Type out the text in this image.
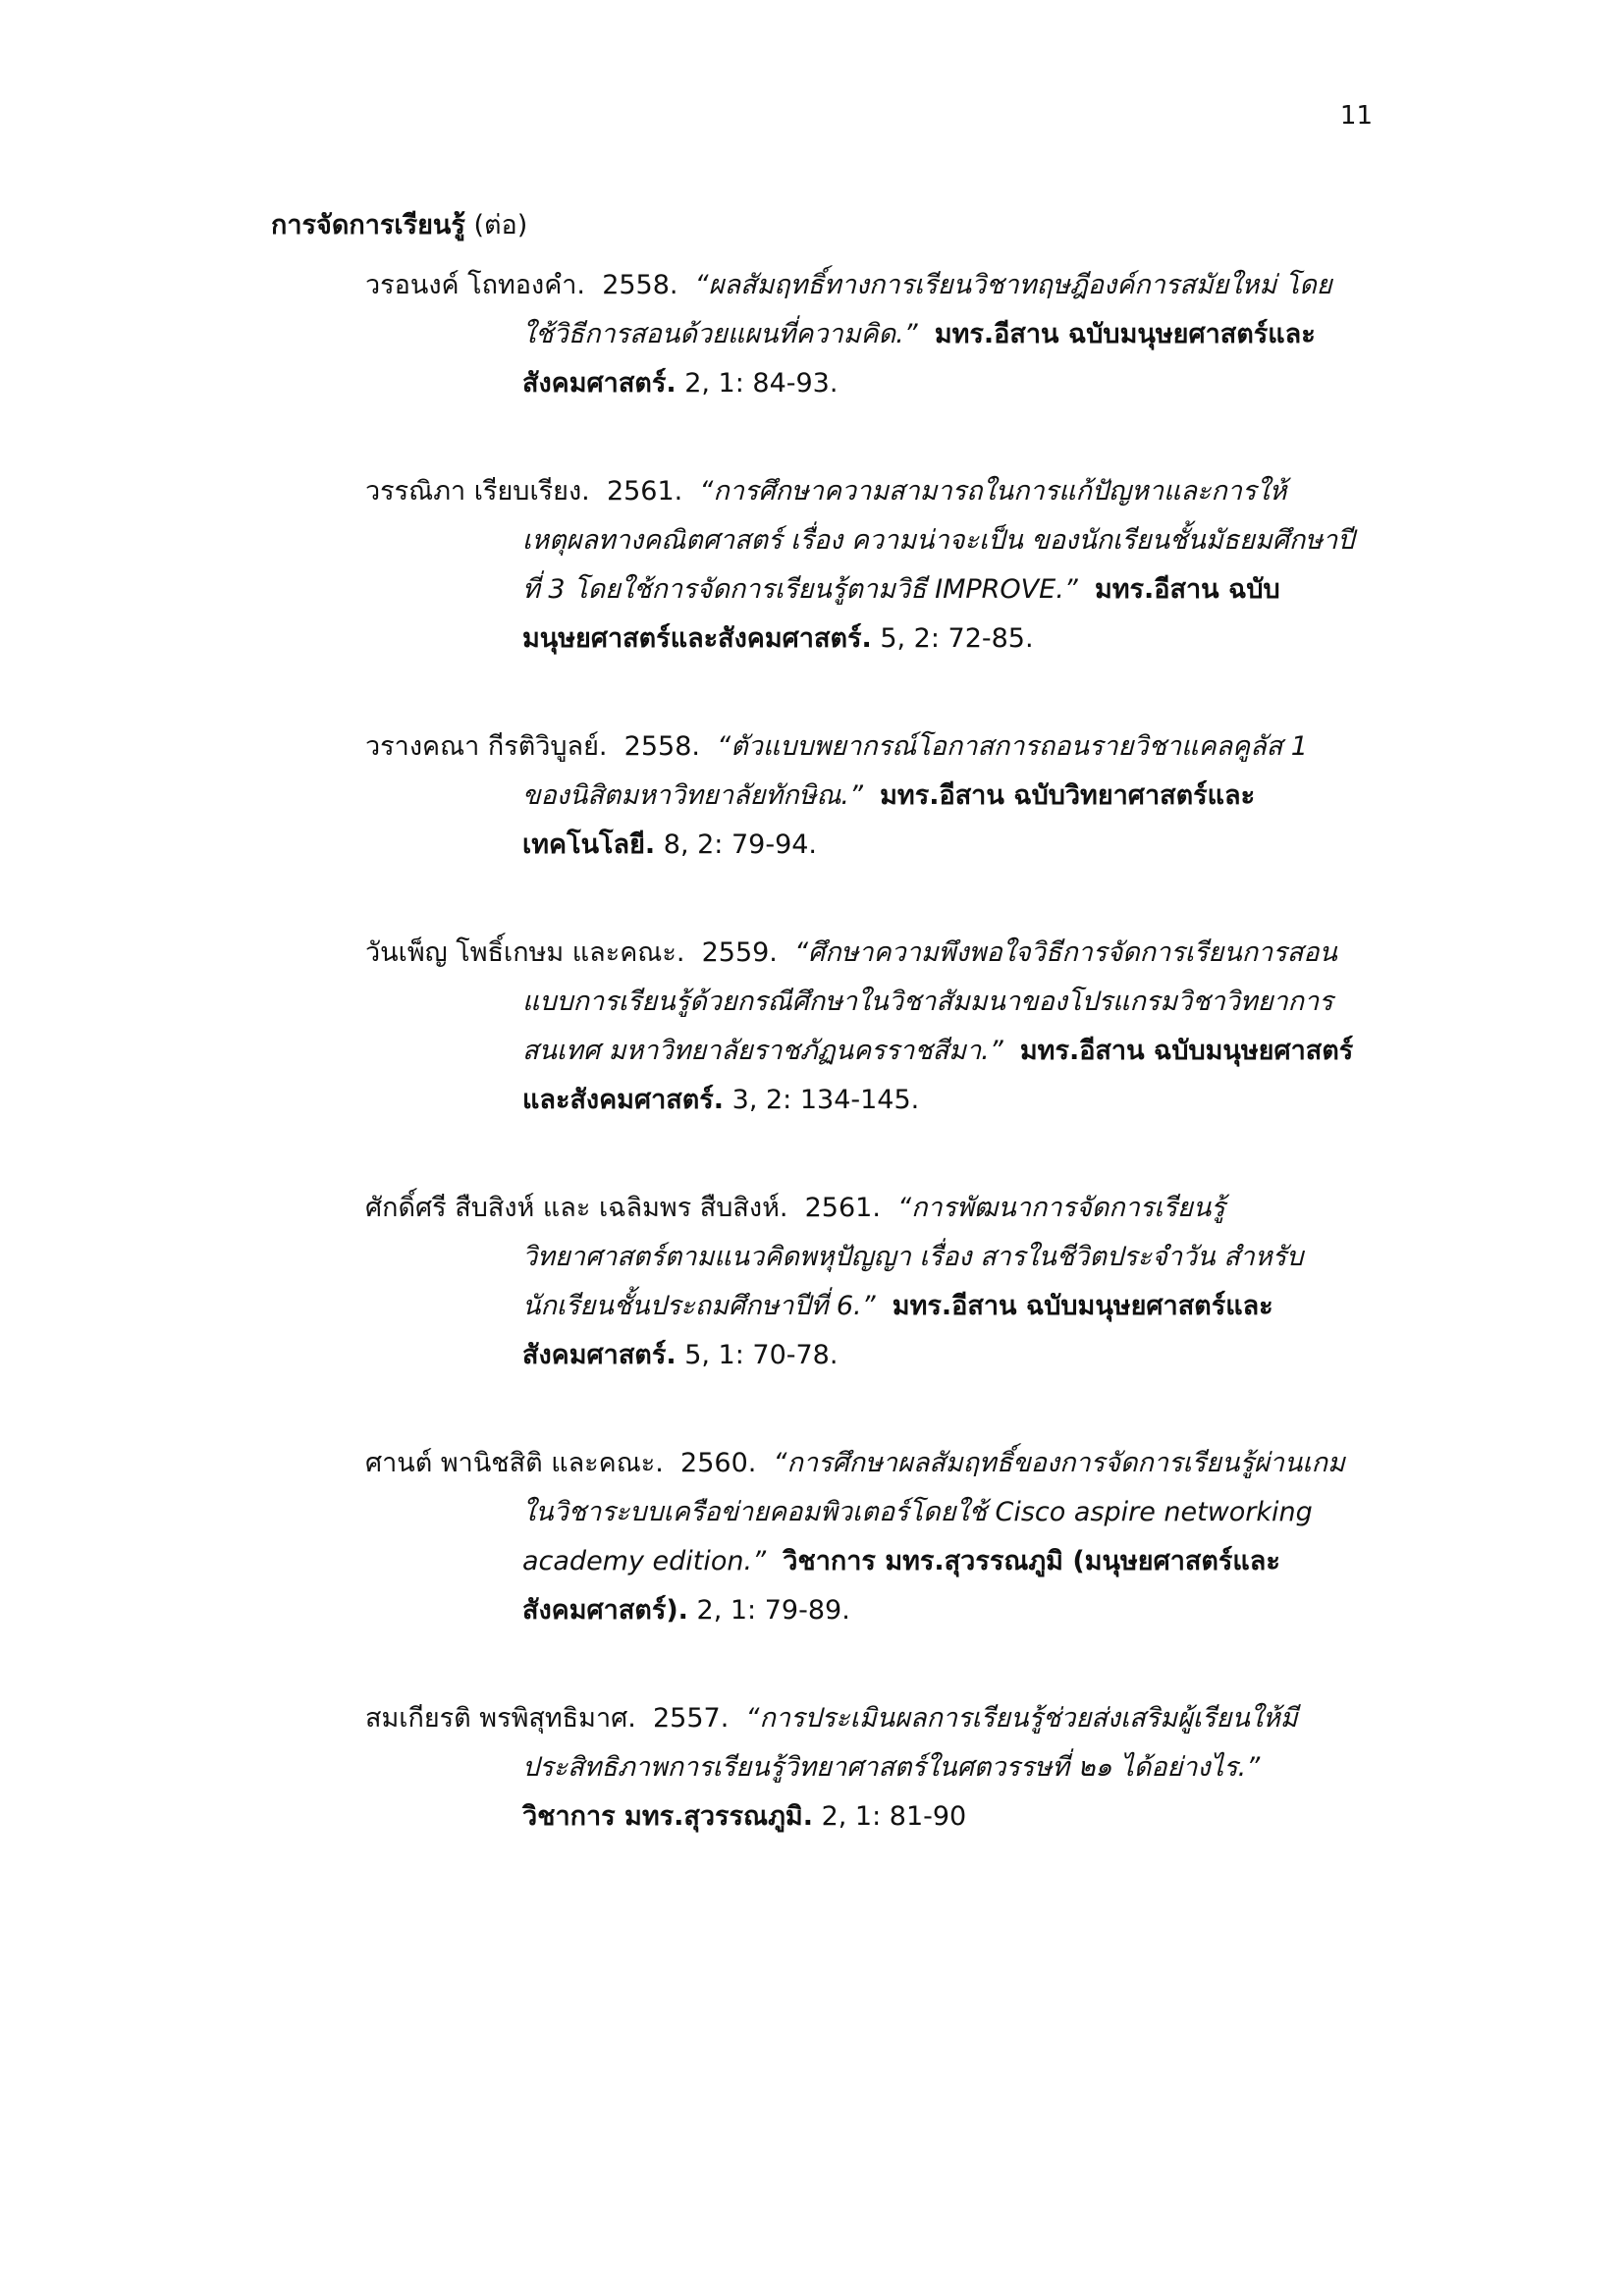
11
การจัดการเรียนรู้ (ต่อ)

วรอนงค์ โถทองคำ. 2558. “ผลสัมฤทธิ์ทางการเรียนวิชาทฤษฎีองค์การสมัยใหม่ โดยใช้วิธีการสอนด้วยแผนที่ความคิด.” มทร.อีสาน ฉบับมนุษยศาสตร์และสังคมศาสตร์. 2, 1: 84-93.

วรรณิภา เรียบเรียง. 2561. “การศึกษาความสามารถในการแก้ปัญหาและการให้เหตุผลทางคณิตศาสตร์ เรื่อง ความน่าจะเป็น ของนักเรียนชั้นมัธยมศึกษาปีที่ 3 โดยใช้การจัดการเรียนรู้ตามวิธี IMPROVE.” มทร.อีสาน ฉบับมนุษยศาสตร์และสังคมศาสตร์. 5, 2: 72-85.

วรางคณา กีรติวิบูลย์. 2558. “ตัวแบบพยากรณ์โอกาสการถอนรายวิชาแคลคูลัส 1 ของนิสิตมหาวิทยาลัยทักษิณ.” มทร.อีสาน ฉบับวิทยาศาสตร์และเทคโนโลยี. 8, 2: 79-94.

วันเพ็ญ โพธิ์เกษม และคณะ. 2559. “ศึกษาความพึงพอใจวิธีการจัดการเรียนการสอนแบบการเรียนรู้ด้วยกรณีศึกษาในวิชาสัมมนาของโปรแกรมวิชาวิทยาการสนเทศ มหาวิทยาลัยราชภัฏนครราชสีมา.” มทร.อีสาน ฉบับมนุษยศาสตร์และสังคมศาสตร์. 3, 2: 134-145.

ศักดิ์ศรี สืบสิงห์ และ เฉลิมพร สืบสิงห์. 2561. “การพัฒนาการจัดการเรียนรู้วิทยาศาสตร์ตามแนวคิดพหุปัญญา เรื่อง สารในชีวิตประจำวัน สำหรับนักเรียนชั้นประถมศึกษาปีที่ 6.” มทร.อีสาน ฉบับมนุษยศาสตร์และสังคมศาสตร์. 5, 1: 70-78.

ศานต์ พานิชสิติ และคณะ. 2560. “การศึกษาผลสัมฤทธิ์ของการจัดการเรียนรู้ผ่านเกมในวิชาระบบเครือข่ายคอมพิวเตอร์โดยใช้ Cisco aspire networking academy edition.” วิชาการ มทร.สุวรรณภูมิ (มนุษยศาสตร์และสังคมศาสตร์). 2, 1: 79-89.

สมเกียรติ พรพิสุทธิมาศ. 2557. “การประเมินผลการเรียนรู้ช่วยส่งเสริมผู้เรียนให้มีประสิทธิภาพการเรียนรู้วิทยาศาสตร์ในศตวรรษที่ ๒๑ ได้อย่างไร.”
วิชาการ มทร.สุวรรณภูมิ. 2, 1: 81-90
